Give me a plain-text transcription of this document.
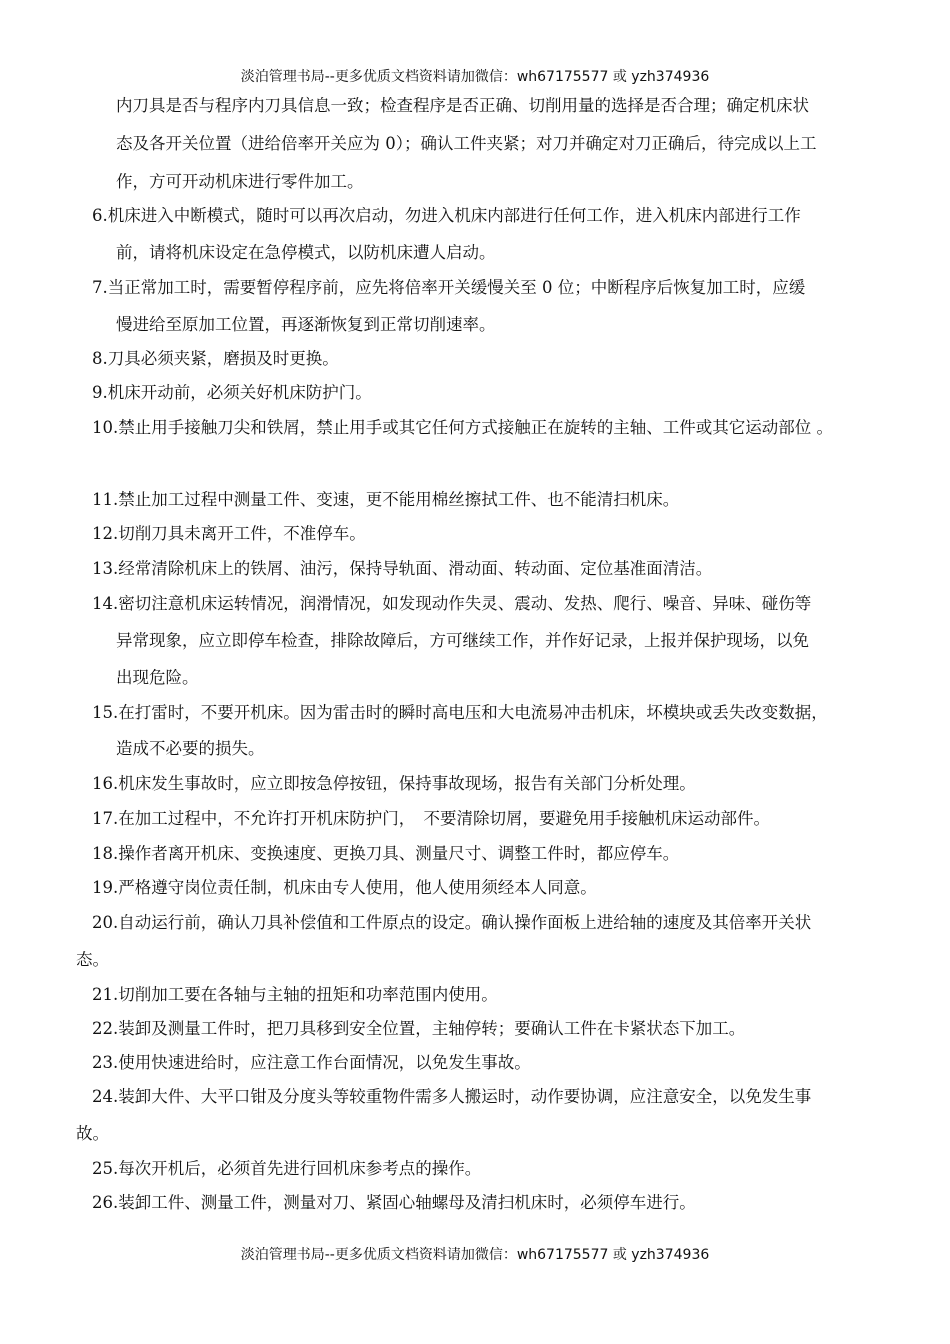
淡泊管理书局--更多优质文档资料请加微信：wh67175577 或 yzh374936
内刀具是否与程序内刀具信息一致；检查程序是否正确、切削用量的选择是否合理；确定机床状
态及各开关位置（进给倍率开关应为 0）；确认工件夹紧；对刀并确定对刀正确后，待完成以上工
作，方可开动机床进行零件加工。
6.机床进入中断模式，随时可以再次启动，勿进入机床内部进行任何工作，进入机床内部进行工作
前，请将机床设定在急停模式，以防机床遭人启动。
7.当正常加工时，需要暂停程序前，应先将倍率开关缓慢关至 0 位；中断程序后恢复加工时，应缓
慢进给至原加工位置，再逐渐恢复到正常切削速率。
8.刀具必须夹紧，磨损及时更换。
9.机床开动前，必须关好机床防护门。
10.禁止用手接触刀尖和铁屑，禁止用手或其它任何方式接触正在旋转的主轴、工件或其它运动部位 。
11.禁止加工过程中测量工件、变速，更不能用棉丝擦拭工件、也不能清扫机床。
12.切削刀具未离开工件，不准停车。
13.经常清除机床上的铁屑、油污，保持导轨面、滑动面、转动面、定位基准面清洁。
14.密切注意机床运转情况，润滑情况，如发现动作失灵、震动、发热、爬行、噪音、异味、碰伤等
异常现象，应立即停车检查，排除故障后，方可继续工作，并作好记录，上报并保护现场，以免
出现危险。
15.在打雷时，不要开机床。因为雷击时的瞬时高电压和大电流易冲击机床，坏模块或丢失改变数据，
造成不必要的损失。
16.机床发生事故时，应立即按急停按钮，保持事故现场，报告有关部门分析处理。
17.在加工过程中，不允许打开机床防护门，　不要清除切屑，要避免用手接触机床运动部件。
18.操作者离开机床、变换速度、更换刀具、测量尺寸、调整工件时，都应停车。
19.严格遵守岗位责任制，机床由专人使用，他人使用须经本人同意。
20.自动运行前，确认刀具补偿值和工件原点的设定。确认操作面板上进给轴的速度及其倍率开关状
态。
21.切削加工要在各轴与主轴的扭矩和功率范围内使用。
22.装卸及测量工件时，把刀具移到安全位置，主轴停转；要确认工件在卡紧状态下加工。
23.使用快速进给时，应注意工作台面情况，以免发生事故。
24.装卸大件、大平口钳及分度头等较重物件需多人搬运时，动作要协调，应注意安全，以免发生事
故。
25.每次开机后，必须首先进行回机床参考点的操作。
26.装卸工件、测量工件，测量对刀、紧固心轴螺母及清扫机床时，必须停车进行。
淡泊管理书局--更多优质文档资料请加微信：wh67175577 或 yzh374936
